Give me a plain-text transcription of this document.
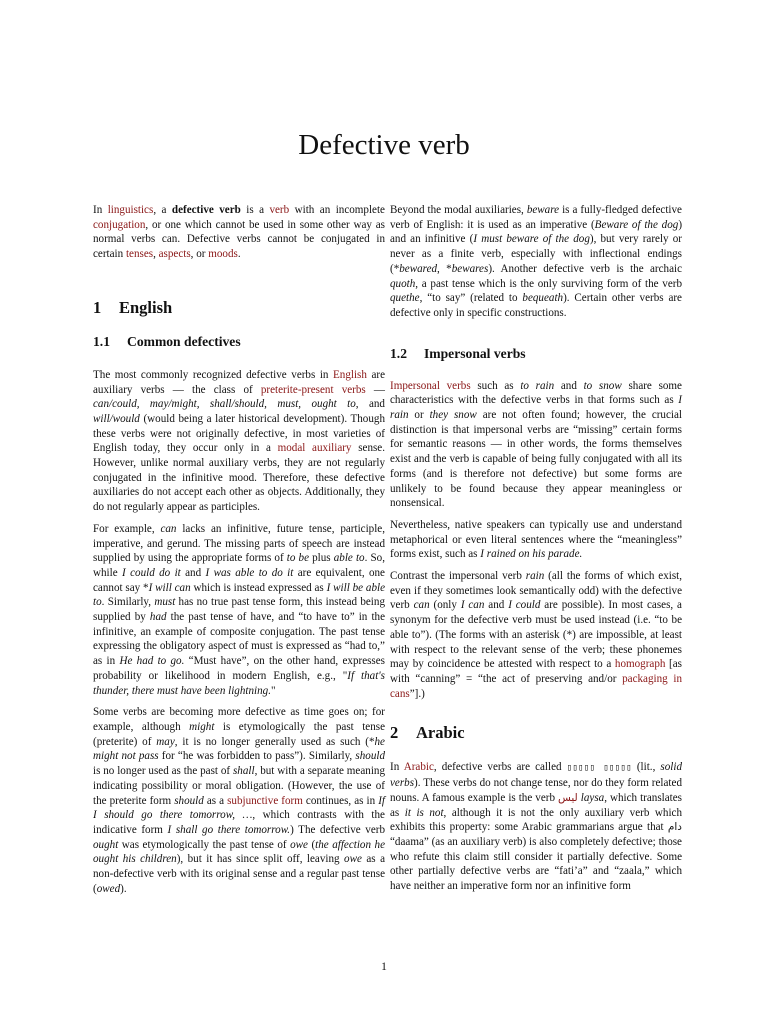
Defective verb

In linguistics, a defective verb is a verb with an incomplete conjugation, or one which cannot be used in some other way as normal verbs can. Defective verbs cannot be conjugated in certain tenses, aspects, or moods.

1 English
1.1 Common defectives

The most commonly recognized defective verbs in English are auxiliary verbs — the class of preterite-present verbs — can/could, may/might, shall/should, must, ought to, and will/would (would being a later historical development). Though these verbs were not originally defective, in most varieties of English today, they occur only in a modal auxiliary sense. However, unlike normal auxiliary verbs, they are not regularly conjugated in the infinitive mood. Therefore, these defective auxiliaries do not accept each other as objects. Additionally, they do not regularly appear as participles.

For example, can lacks an infinitive, future tense, participle, imperative, and gerund. The missing parts of speech are instead supplied by using the appropriate forms of to be plus able to. So, while I could do it and I was able to do it are equivalent, one cannot say *I will can which is instead expressed as I will be able to. Similarly, must has no true past tense form, this instead being supplied by had the past tense of have, and “to have to” in the infinitive, an example of composite conjugation. The past tense expressing the obligatory aspect of must is expressed as “had to,” as in He had to go. “Must have”, on the other hand, expresses probability or likelihood in modern English, e.g., "If that's thunder, there must have been lightning."

Some verbs are becoming more defective as time goes on; for example, although might is etymologically the past tense (preterite) of may, it is no longer generally used as such (*he might not pass for “he was forbidden to pass”). Similarly, should is no longer used as the past of shall, but with a separate meaning indicating possibility or moral obligation. (However, the use of the preterite form should as a subjunctive form continues, as in If I should go there tomorrow, …, which contrasts with the indicative form I shall go there tomorrow.) The defective verb ought was etymologically the past tense of owe (the affection he ought his children), but it has since split off, leaving owe as a non-defective verb with its original sense and a regular past tense (owed).

Beyond the modal auxiliaries, beware is a fully-fledged defective verb of English: it is used as an imperative (Beware of the dog) and an infinitive (I must beware of the dog), but very rarely or never as a finite verb, especially with inflectional endings (*bewared, *bewares). Another defective verb is the archaic quoth, a past tense which is the only surviving form of the verb quethe, “to say” (related to bequeath). Certain other verbs are defective only in specific constructions.

1.2 Impersonal verbs

Impersonal verbs such as to rain and to snow share some characteristics with the defective verbs in that forms such as I rain or they snow are not often found; however, the crucial distinction is that impersonal verbs are “missing” certain forms for semantic reasons — in other words, the forms themselves exist and the verb is capable of being fully conjugated with all its forms (and is therefore not defective) but some forms are unlikely to be found because they appear meaningless or nonsensical.

Nevertheless, native speakers can typically use and understand metaphorical or even literal sentences where the “meaningless” forms exist, such as I rained on his parade.

Contrast the impersonal verb rain (all the forms of which exist, even if they sometimes look semantically odd) with the defective verb can (only I can and I could are possible). In most cases, a synonym for the defective verb must be used instead (i.e. “to be able to”). (The forms with an asterisk (*) are impossible, at least with respect to the relevant sense of the verb; these phonemes may by coincidence be attested with respect to a homograph [as with “canning” = “the act of preserving and/or packaging in cans”].)

2 Arabic

In Arabic, defective verbs are called ▯▯▯▯▯ ▯▯▯▯▯ (lit., solid verbs). These verbs do not change tense, nor do they form related nouns. A famous example is the verb ليس laysa, which translates as it is not, although it is not the only auxiliary verb which exhibits this property: some Arabic grammarians argue that دام “daama” (as an auxiliary verb) is also completely defective; those who refute this claim still consider it partially defective. Some other partially defective verbs are “fati’a” and “zaala,” which have neither an imperative form nor an infinitive form

1
